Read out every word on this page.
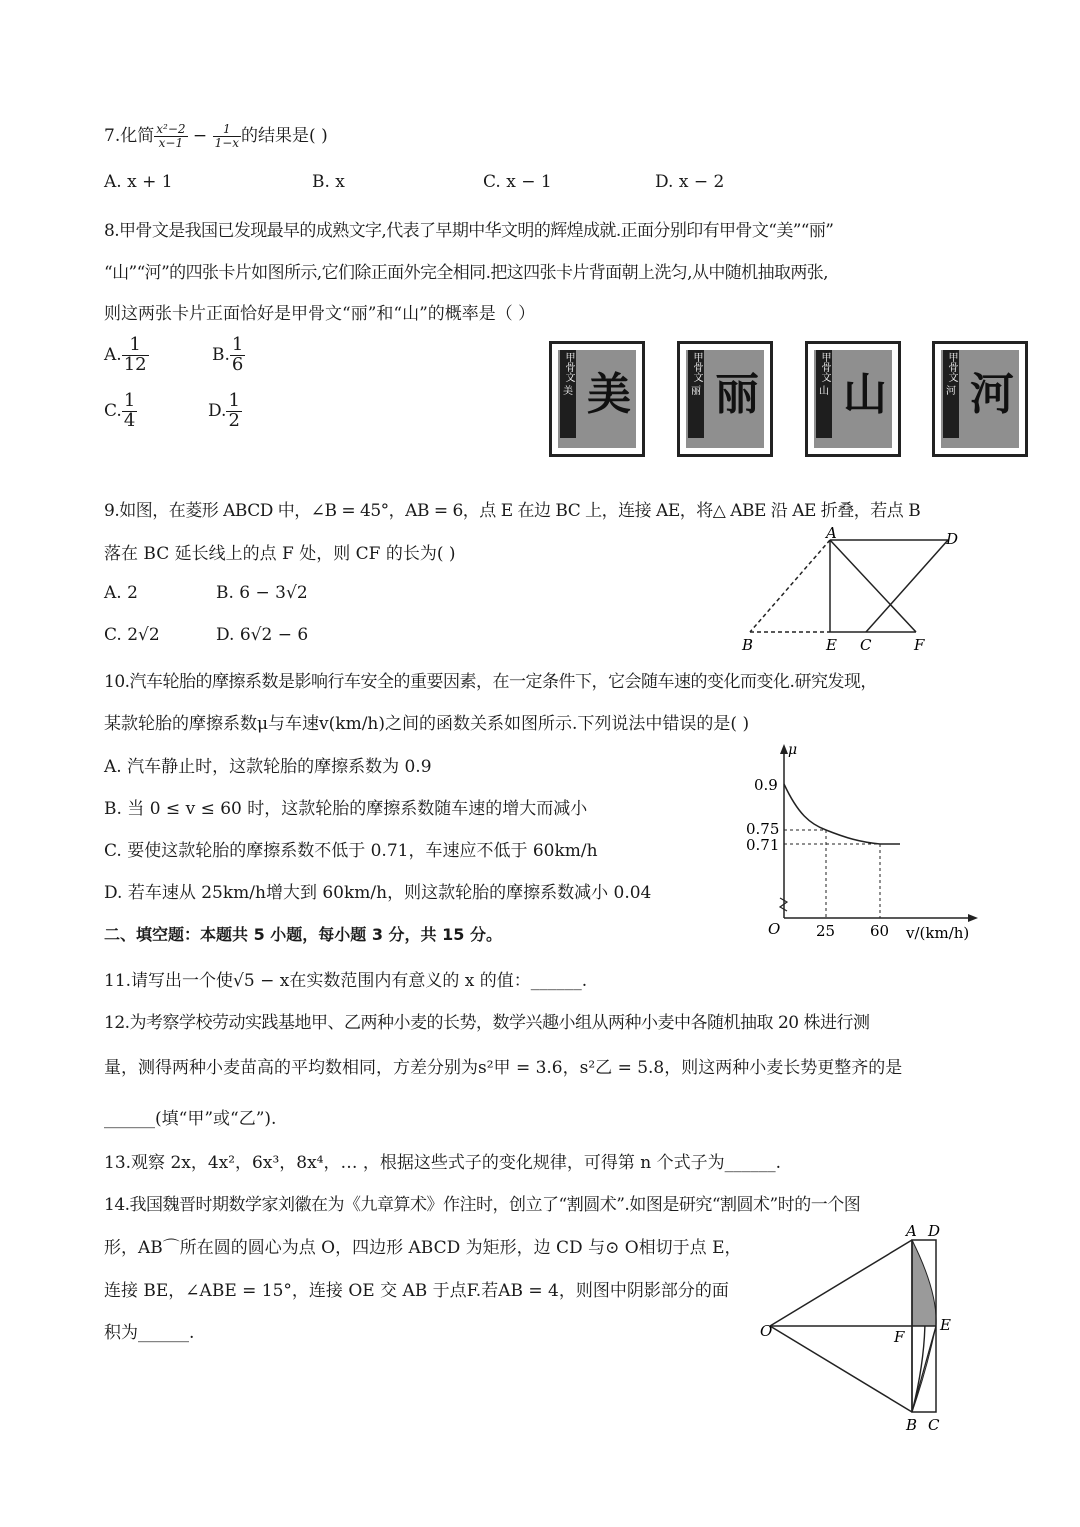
7.化简 $\frac{\text{x²−2}}{x-1} - \frac{1}{1-x}$ 的结果是( )
A. x + 1	B. x	C. x − 1	D. x − 2
8.甲骨文是我国已发现最早的成熟文字,代表了早期中华文明的辉煌成就.正面分别印有甲骨文“美”“丽”
“山”“河”的四张卡片如图所示,它们除正面外完全相同.把这四张卡片背面朝上洗匀,从中随机抽取两张,
则这两张卡片正面恰好是甲骨文“丽”和“山”的概率是（ ）
A. $\frac{1}{12}$	B. $\frac{1}{6}$
C. $\frac{1}{4}$	D. $\frac{1}{2}$
甲骨文
美 美
甲骨文
丽 丽
甲骨文
山 山
甲骨文
河 河
9.如图，在菱形 ABCD 中，∠B = 45°，AB = 6，点 E 在边 BC 上，连接 AE，将△ ABE 沿 AE 折叠，若点 B
落在 BC 延长线上的点 F 处，则 CF 的长为( )
A. 2	B. 6 − 3√2
C. 2√2	D. 6√2 − 6
A	D
B	E C	F
10.汽车轮胎的摩擦系数是影响行车安全的重要因素，在一定条件下，它会随车速的变化而变化.研究发现，
某款轮胎的摩擦系数μ与车速v(km/h)之间的函数关系如图所示.下列说法中错误的是( )
A. 汽车静止时，这款轮胎的摩擦系数为 0.9
B. 当 0 ≤ v ≤ 60 时，这款轮胎的摩擦系数随车速的增大而减小
C. 要使这款轮胎的摩擦系数不低于 0.71，车速应不低于 60km/h
D. 若车速从 25km/h增大到 60km/h，则这款轮胎的摩擦系数减小 0.04
μ
0.9
0.75
0.71
O 25 60 v/(km/h)
二、填空题：本题共 5 小题，每小题 3 分，共 15 分。
11.请写出一个使√5 − x在实数范围内有意义的 x 的值：______.
12.为考察学校劳动实践基地甲、乙两种小麦的长势，数学兴趣小组从两种小麦中各随机抽取 20 株进行测
量，测得两种小麦苗高的平均数相同，方差分别为s²甲 = 3.6，s²乙 = 5.8，则这两种小麦长势更整齐的是
______(填“甲”或“乙”).
13.观察 2x，4x²，6x³，8x⁴，… ，根据这些式子的变化规律，可得第 n 个式子为______.
14.我国魏晋时期数学家刘徽在为《九章算术》作注时，创立了“割圆术”.如图是研究“割圆术”时的一个图
形，AB⌒所在圆的圆心为点 O，四边形 ABCD 为矩形，边 CD 与⊙ O相切于点 E，
连接 BE，∠ABE = 15°，连接 OE 交 AB 于点F.若AB = 4，则图中阴影部分的面
积为______.
A D
O	F
E
B C
